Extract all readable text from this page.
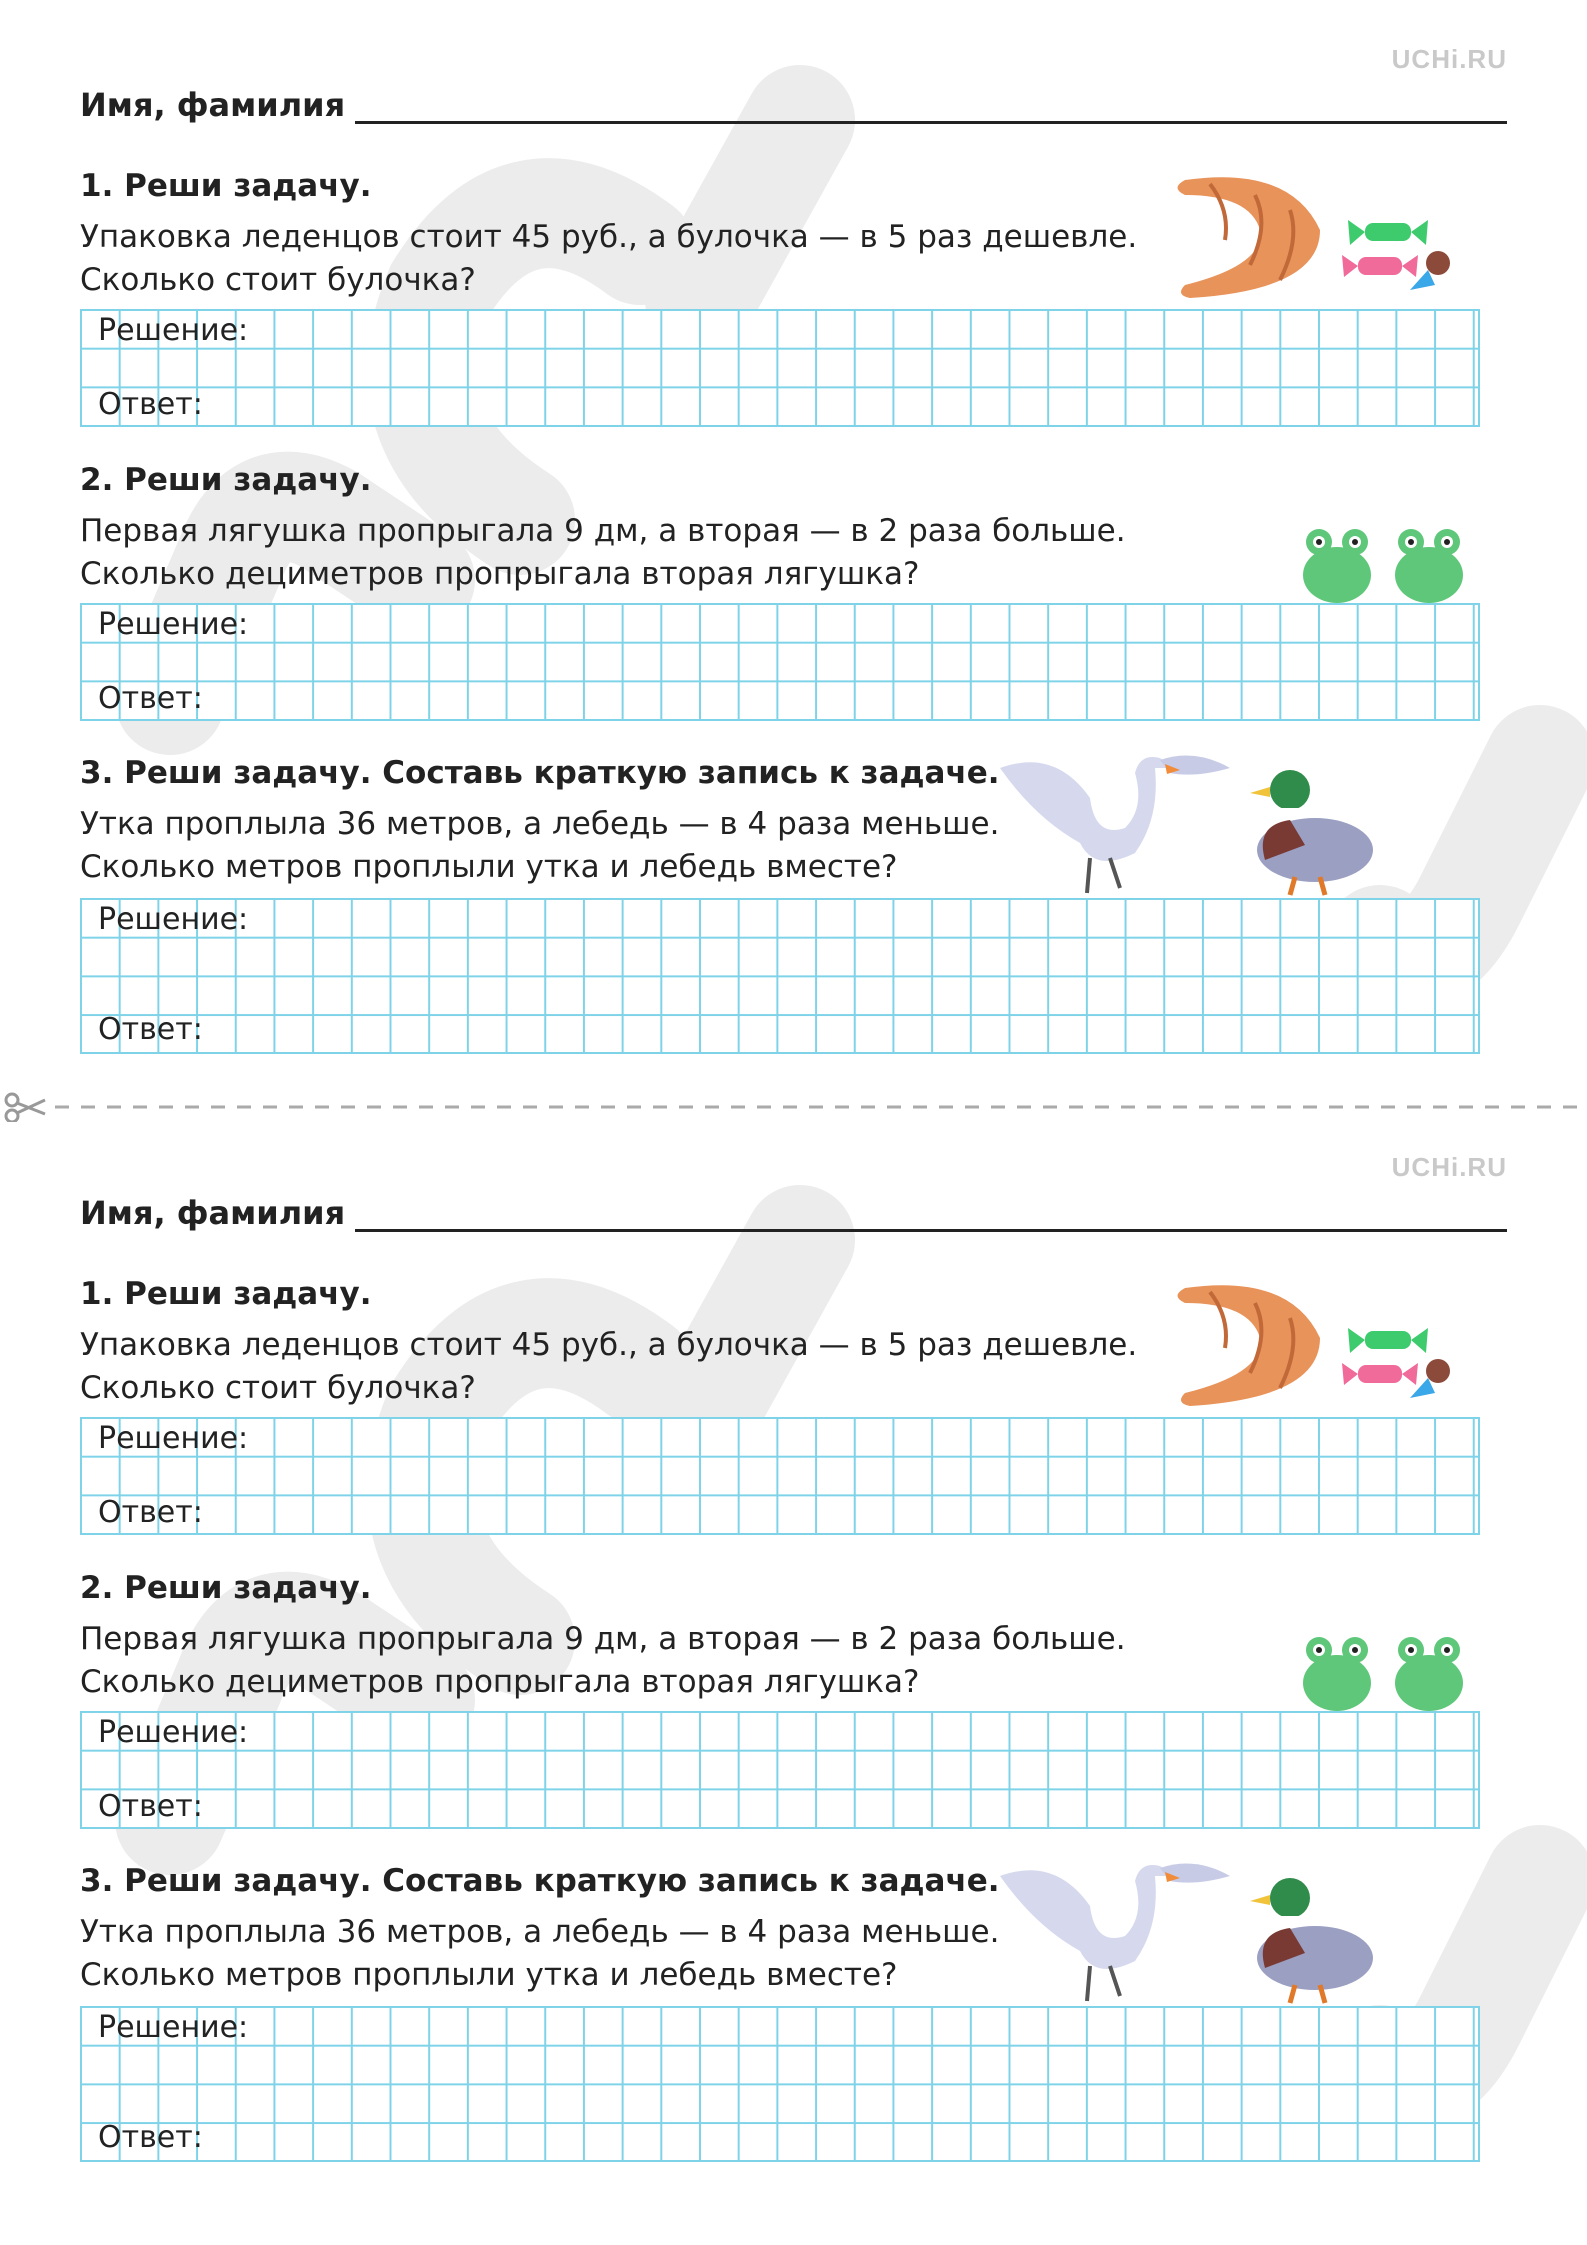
UCHi.RU
Имя, фамилия
1. Реши задачу.
Упаковка леденцов стоит 45 руб., а булочка — в 5 раз дешевле.
Сколько стоит булочка?
Решение:
Ответ:
2. Реши задачу.
Первая лягушка пропрыгала 9 дм, а вторая — в 2 раза больше.
Сколько дециметров пропрыгала вторая лягушка?
Решение:
Ответ:
3. Реши задачу. Составь краткую запись к задаче.
Утка проплыла 36 метров, а лебедь — в 4 раза меньше.
Сколько метров проплыли утка и лебедь вместе?
Решение:
Ответ:
UCHi.RU
Имя, фамилия
1. Реши задачу.
Упаковка леденцов стоит 45 руб., а булочка — в 5 раз дешевле.
Сколько стоит булочка?
Решение:
Ответ:
2. Реши задачу.
Первая лягушка пропрыгала 9 дм, а вторая — в 2 раза больше.
Сколько дециметров пропрыгала вторая лягушка?
Решение:
Ответ:
3. Реши задачу. Составь краткую запись к задаче.
Утка проплыла 36 метров, а лебедь — в 4 раза меньше.
Сколько метров проплыли утка и лебедь вместе?
Решение:
Ответ:
